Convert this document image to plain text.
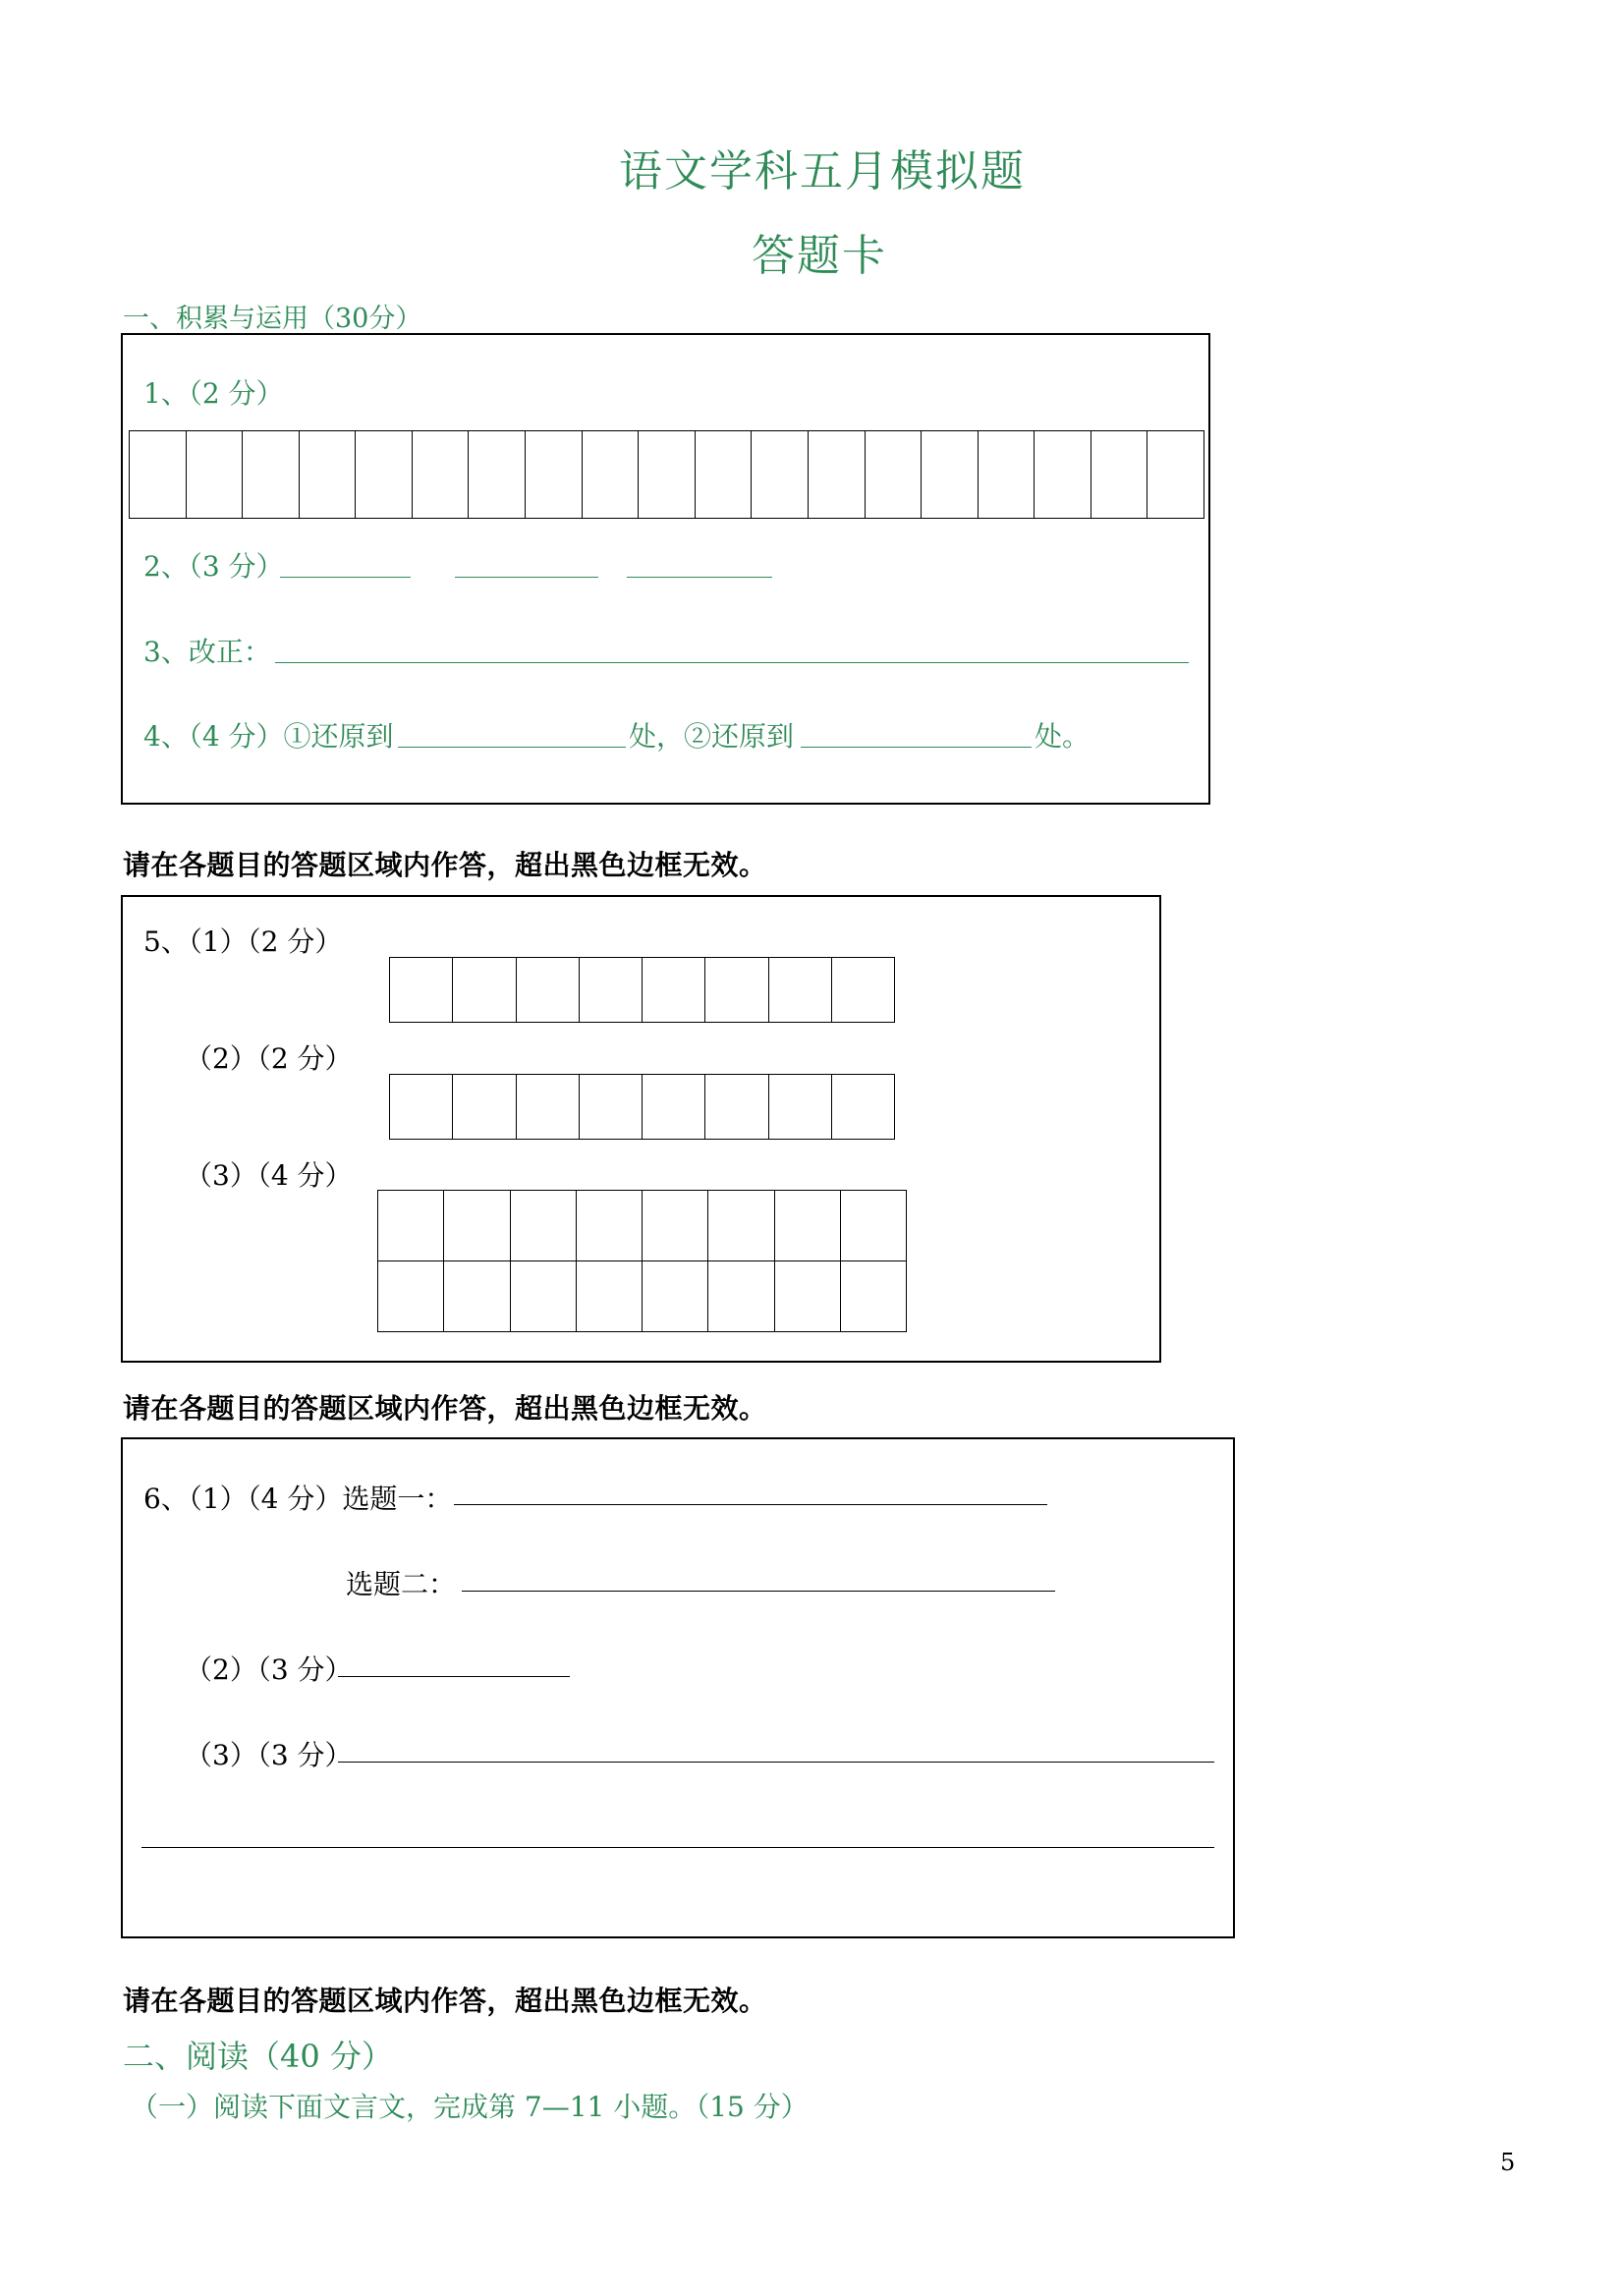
语文学科五月模拟题
答题卡
一、积累与运用（30分）
1、（2 分）
2、（3 分）
3、改正：
4、（4 分）①还原到	处，②还原到	处。
请在各题目的答题区域内作答，超出黑色边框无效。
5、（1）（2 分）
（2）（2 分）
（3）（4 分）
请在各题目的答题区域内作答，超出黑色边框无效。
6、（1）（4 分）选题一：
选题二：
（2）（3 分）
（3）（3 分）
请在各题目的答题区域内作答，超出黑色边框无效。
二、阅读（40 分）
（一）阅读下面文言文，完成第 7—11 小题。（15 分）
5
